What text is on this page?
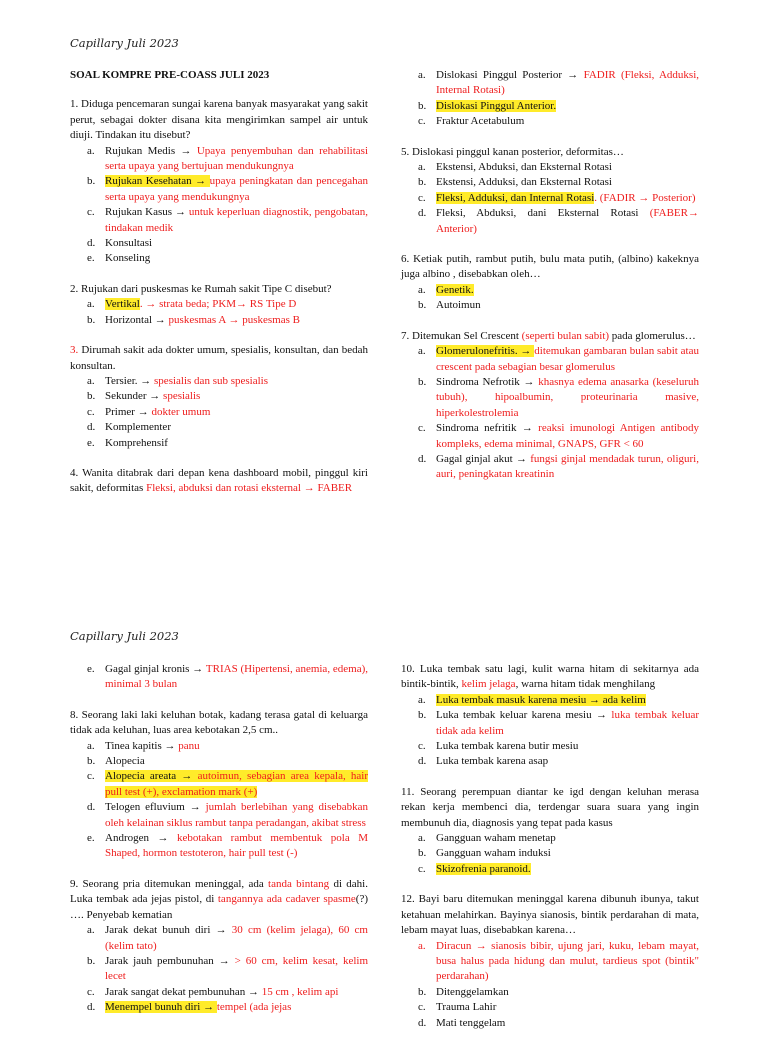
Capillary Juli 2023
SOAL KOMPRE PRE-COASS JULI 2023
1. Diduga pencemaran sungai karena banyak masyarakat yang sakit perut, sebagai dokter disana kita mengirimkan sampel air untuk diuji. Tindakan itu disebut?
a. Rujukan Medis → Upaya penyembuhan dan rehabilitasi serta upaya yang bertujuan mendukungnya
b. Rujukan Kesehatan → upaya peningkatan dan pencegahan serta upaya yang mendukungnya
c. Rujukan Kasus → untuk keperluan diagnostik, pengobatan, tindakan medik
d. Konsultasi
e. Konseling
2. Rujukan dari puskesmas ke Rumah sakit Tipe C disebut?
a. Vertikal. → strata beda; PKM→ RS Tipe D
b. Horizontal → puskesmas A → puskesmas B
3. Dirumah sakit ada dokter umum, spesialis, konsultan, dan bedah konsultan.
a. Tersier. → spesialis dan sub spesialis
b. Sekunder → spesialis
c. Primer → dokter umum
d. Komplementer
e. Komprehensif
4. Wanita ditabrak dari depan kena dashboard mobil, pinggul kiri sakit, deformitas Fleksi, abduksi dan rotasi eksternal → FABER
a. Dislokasi Pinggul Posterior → FADIR (Fleksi, Adduksi, Internal Rotasi)
b. Dislokasi Pinggul Anterior.
c. Fraktur Acetabulum
5. Dislokasi pinggul kanan posterior, deformitas…
a. Ekstensi, Abduksi, dan Eksternal Rotasi
b. Ekstensi, Adduksi, dan Eksternal Rotasi
c. Fleksi, Adduksi, dan Internal Rotasi. (FADIR → Posterior)
d. Fleksi, Abduksi, dani Eksternal Rotasi (FABER→ Anterior)
6. Ketiak putih, rambut putih, bulu mata putih, (albino) kakeknya juga albino , disebabkan oleh…
a. Genetik.
b. Autoimun
7. Ditemukan Sel Crescent (seperti bulan sabit) pada glomerulus…
a. Glomerulonefritis. → ditemukan gambaran bulan sabit atau crescent pada sebagian besar glomerulus
b. Sindroma Nefrotik → khasnya edema anasarka (keseluruh tubuh), hipoalbumin, proteurinaria masive, hiperkolestrolemia
c. Sindroma nefritik → reaksi imunologi Antigen antibody kompleks, edema minimal, GNAPS, GFR < 60
d. Gagal ginjal akut → fungsi ginjal mendadak turun, oliguri, auri, peningkatan kreatinin
Capillary Juli 2023
e. Gagal ginjal kronis → TRIAS (Hipertensi, anemia, edema), minimal 3 bulan
8. Seorang laki laki keluhan botak, kadang terasa gatal di keluarga tidak ada keluhan, luas area kebotakan 2,5 cm..
a. Tinea kapitis → panu
b. Alopecia
c. Alopecia areata → autoimun, sebagian area kepala, hair pull test (+), exclamation mark (+)
d. Telogen efluvium → jumlah berlebihan yang disebabkan oleh kelainan siklus rambut tanpa peradangan, akibat stress
e. Androgen → kebotakan rambut membentuk pola M Shaped, hormon testoteron, hair pull test (-)
9. Seorang pria ditemukan meninggal, ada tanda bintang di dahi. Luka tembak ada jejas pistol, di tangannya ada cadaver spasme(?) …. Penyebab kematian
a. Jarak dekat bunuh diri → 30 cm (kelim jelaga), 60 cm (kelim tato)
b. Jarak jauh pembunuhan → > 60 cm, kelim kesat, kelim lecet
c. Jarak sangat dekat pembunuhan → 15 cm , kelim api
d. Menempel bunuh diri → tempel (ada jejas
10. Luka tembak satu lagi, kulit warna hitam di sekitarnya ada bintik-bintik, kelim jelaga, warna hitam tidak menghilang
a. Luka tembak masuk karena mesiu → ada kelim
b. Luka tembak keluar karena mesiu → luka tembak keluar tidak ada kelim
c. Luka tembak karena butir mesiu
d. Luka tembak karena asap
11. Seorang perempuan diantar ke igd dengan keluhan merasa rekan kerja membenci dia, terdengar suara suara yang ingin membunuh dia, diagnosis yang tepat pada kasus
a. Gangguan waham menetap
b. Gangguan waham induksi
c. Skizofrenia paranoid.
12. Bayi baru ditemukan meninggal karena dibunuh ibunya, takut ketahuan melahirkan. Bayinya sianosis, bintik perdarahan di mata, lebam mayat luas, disebabkan karena…
a. Diracun → sianosis bibir, ujung jari, kuku, lebam mayat, busa halus pada hidung dan mulut, tardieus spot (bintik" perdarahan)
b. Ditenggelamkan
c. Trauma Lahir
d. Mati tenggelam
